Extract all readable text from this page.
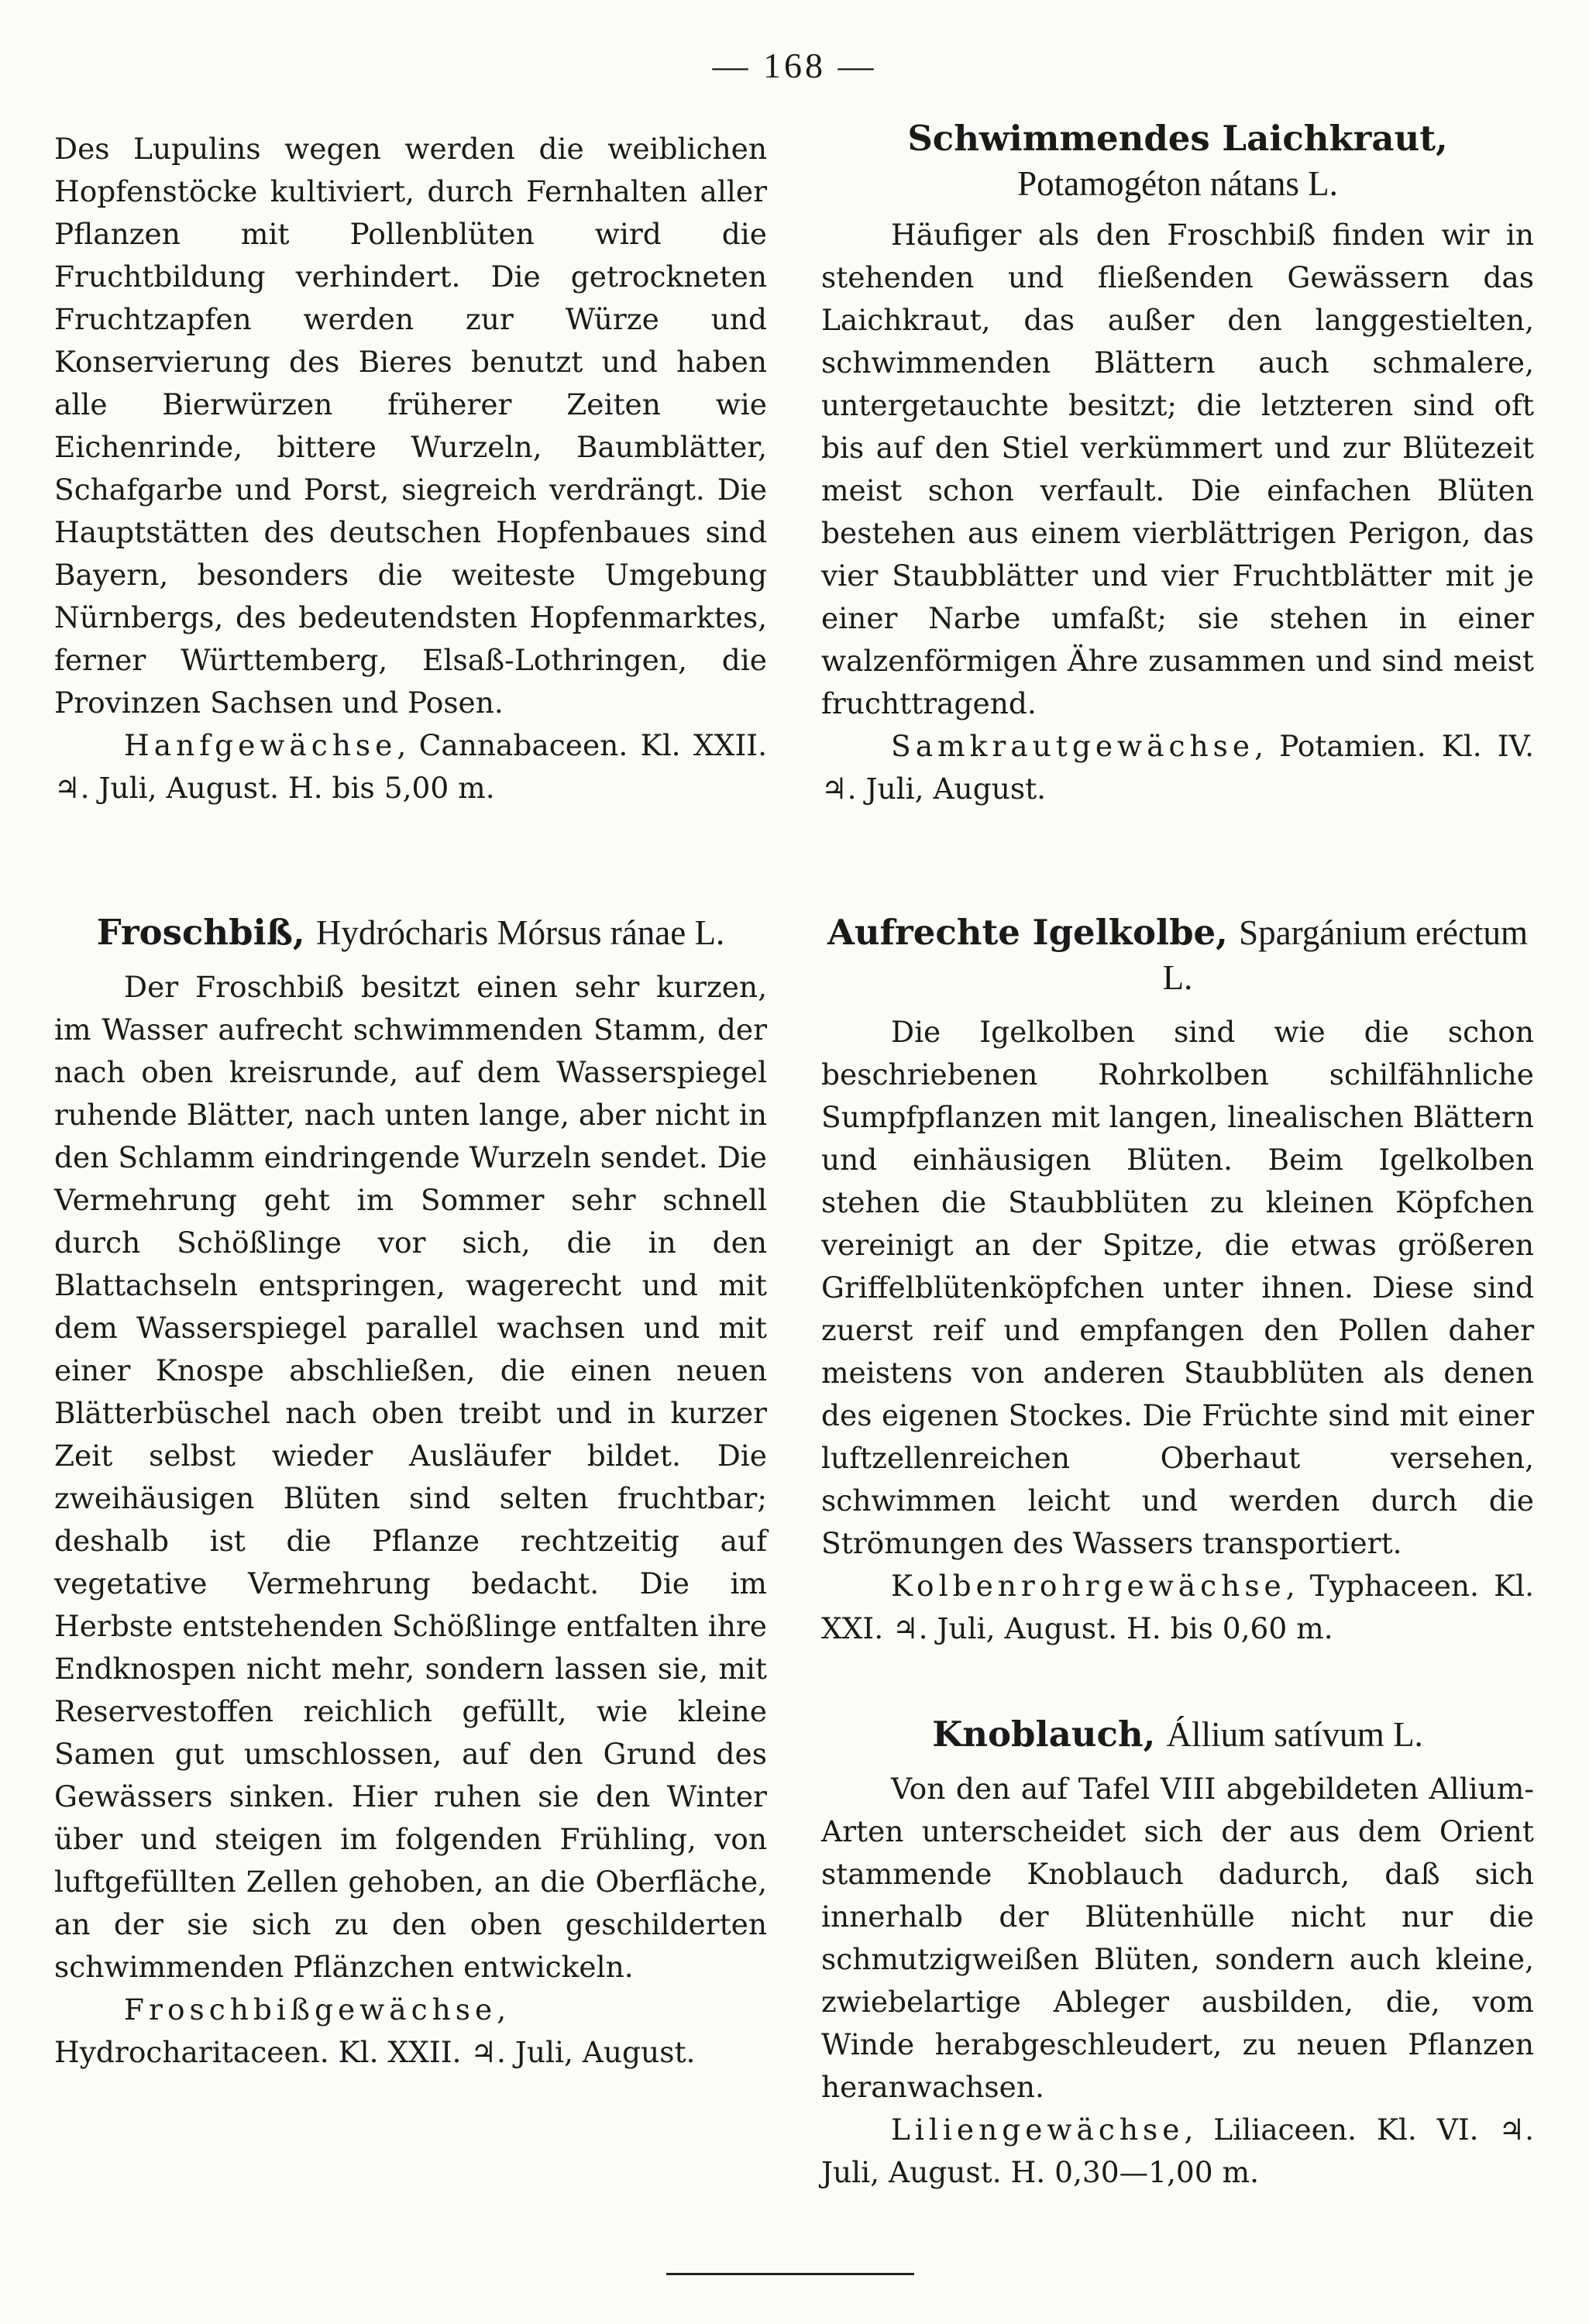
— 168 —

Des Lupulins wegen werden die weiblichen Hopfenstöcke kultiviert, durch Fernhalten aller Pflanzen mit Pollenblüten wird die Fruchtbildung verhindert. Die getrockneten Fruchtzapfen werden zur Würze und Konservierung des Bieres benutzt und haben alle Bierwürzen früherer Zeiten wie Eichenrinde, bittere Wurzeln, Baumblätter, Schafgarbe und Porst, siegreich verdrängt. Die Hauptstätten des deutschen Hopfenbaues sind Bayern, besonders die weiteste Umgebung Nürnbergs, des bedeutendsten Hopfenmarktes, ferner Württemberg, Elsaß-Lothringen, die Provinzen Sachsen und Posen.

Hanfgewächse, Cannabaceen. Kl. XXII. ♃. Juli, August. H. bis 5,00 m.

Froschbiß, Hydrócharis Mórsus ránae L.

Der Froschbiß besitzt einen sehr kurzen, im Wasser aufrecht schwimmenden Stamm, der nach oben kreisrunde, auf dem Wasserspiegel ruhende Blätter, nach unten lange, aber nicht in den Schlamm eindringende Wurzeln sendet. Die Vermehrung geht im Sommer sehr schnell durch Schößlinge vor sich, die in den Blattachseln entspringen, wagerecht und mit dem Wasserspiegel parallel wachsen und mit einer Knospe abschließen, die einen neuen Blätterbüschel nach oben treibt und in kurzer Zeit selbst wieder Ausläufer bildet. Die zweihäusigen Blüten sind selten fruchtbar; deshalb ist die Pflanze rechtzeitig auf vegetative Vermehrung bedacht. Die im Herbste entstehenden Schößlinge entfalten ihre Endknospen nicht mehr, sondern lassen sie, mit Reservestoffen reichlich gefüllt, wie kleine Samen gut umschlossen, auf den Grund des Gewässers sinken. Hier ruhen sie den Winter über und steigen im folgenden Frühling, von luftgefüllten Zellen gehoben, an die Oberfläche, an der sie sich zu den oben geschilderten schwimmenden Pflänzchen entwickeln.

Froschbißgewächse, Hydrocharitaceen. Kl. XXII. ♃. Juli, August.

Schwimmendes Laichkraut,
Potamogéton nátans L.

Häufiger als den Froschbiß finden wir in stehenden und fließenden Gewässern das Laichkraut, das außer den langgestielten, schwimmenden Blättern auch schmalere, untergetauchte besitzt; die letzteren sind oft bis auf den Stiel verkümmert und zur Blütezeit meist schon verfault. Die einfachen Blüten bestehen aus einem vierblättrigen Perigon, das vier Staubblätter und vier Fruchtblätter mit je einer Narbe umfaßt; sie stehen in einer walzenförmigen Ähre zusammen und sind meist fruchttragend.

Samkrautgewächse, Potamien. Kl. IV. ♃. Juli, August.

Aufrechte Igelkolbe, Spargánium eréctum L.

Die Igelkolben sind wie die schon beschriebenen Rohrkolben schilfähnliche Sumpfpflanzen mit langen, linealischen Blättern und einhäusigen Blüten. Beim Igelkolben stehen die Staubblüten zu kleinen Köpfchen vereinigt an der Spitze, die etwas größeren Griffelblütenköpfchen unter ihnen. Diese sind zuerst reif und empfangen den Pollen daher meistens von anderen Staubblüten als denen des eigenen Stockes. Die Früchte sind mit einer luftzellenreichen Oberhaut versehen, schwimmen leicht und werden durch die Strömungen des Wassers transportiert.

Kolbenrohrgewächse, Typhaceen. Kl. XXI. ♃. Juli, August. H. bis 0,60 m.

Knoblauch, Állium satívum L.

Von den auf Tafel VIII abgebildeten Allium-Arten unterscheidet sich der aus dem Orient stammende Knoblauch dadurch, daß sich innerhalb der Blütenhülle nicht nur die schmutzigweißen Blüten, sondern auch kleine, zwiebelartige Ableger ausbilden, die, vom Winde herabgeschleudert, zu neuen Pflanzen heranwachsen.

Liliengewächse, Liliaceen. Kl. VI. ♃. Juli, August. H. 0,30—1,00 m.
